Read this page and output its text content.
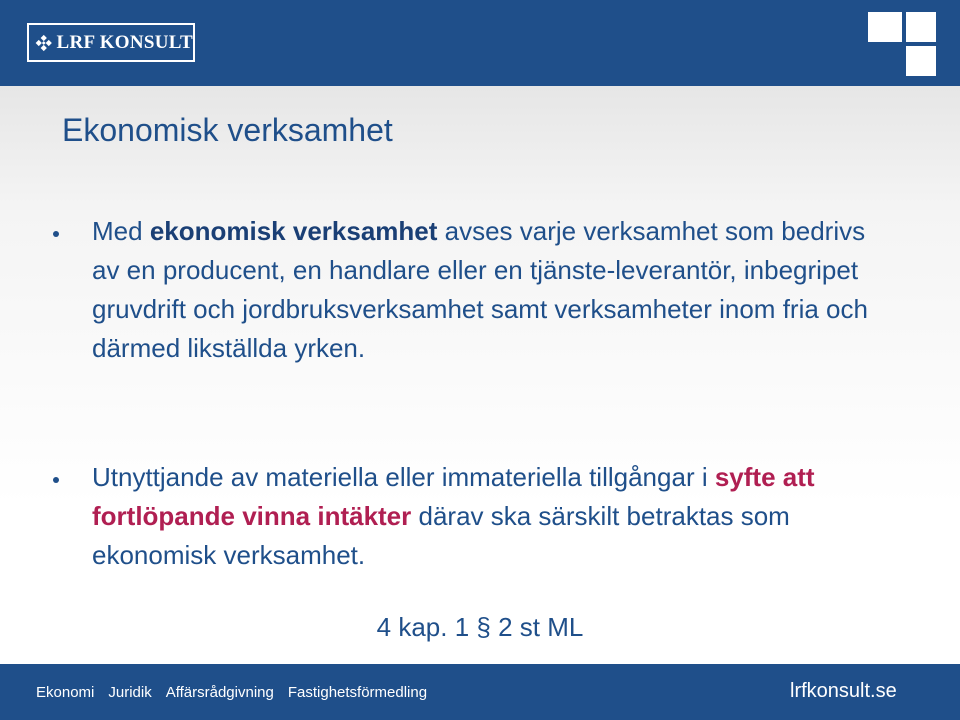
LRF KONSULT
Ekonomisk verksamhet
Med ekonomisk verksamhet avses varje verksamhet som bedrivs av en producent, en handlare eller en tjänste-leverantör, inbegripet gruvdrift och jordbruksverksamhet samt verksamheter inom fria och därmed likställda yrken.
Utnyttjande av materiella eller immateriella tillgångar i syfte att fortlöpande vinna intäkter därav ska särskilt betraktas som ekonomisk verksamhet.
4 kap. 1 § 2 st ML
Ekonomi Juridik Affärsrådgivning Fastighetsförmedling	lrfkonsult.se
